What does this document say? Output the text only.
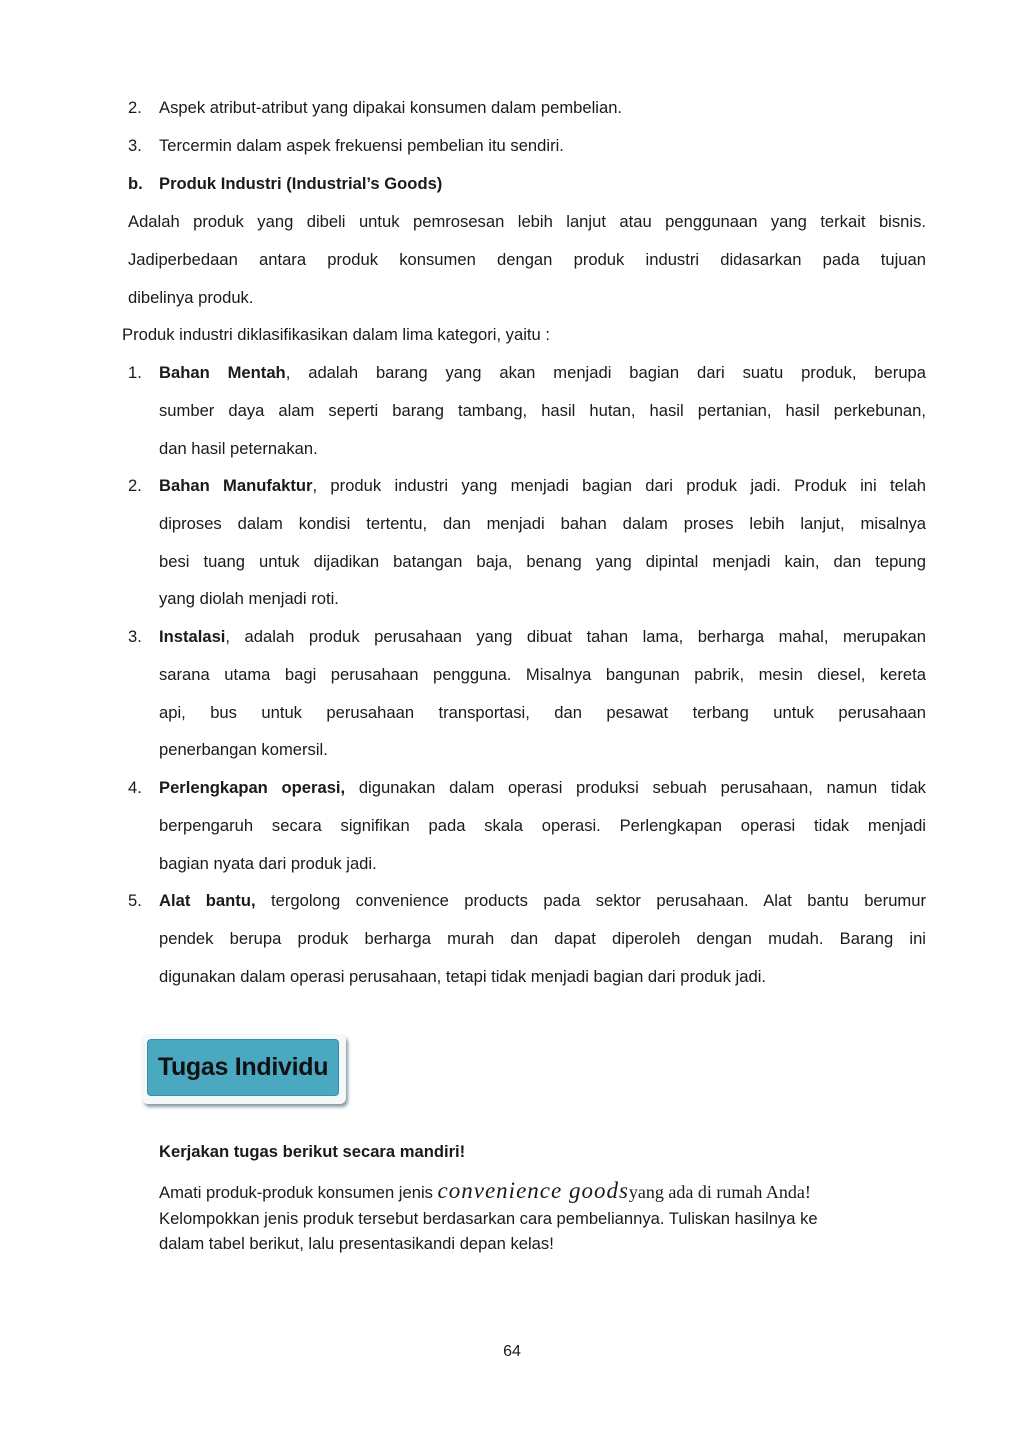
2. Aspek atribut-atribut yang dipakai konsumen dalam pembelian.
3. Tercermin dalam aspek frekuensi pembelian itu sendiri.
b. Produk Industri (Industrial’s Goods)
Adalah produk yang dibeli untuk pemrosesan lebih lanjut atau penggunaan yang terkait bisnis.
Jadiperbedaan antara produk konsumen dengan produk industri didasarkan pada tujuan
dibelinya produk.
Produk industri diklasifikasikan dalam lima kategori, yaitu :
1. Bahan Mentah, adalah barang yang akan menjadi bagian dari suatu produk, berupa
sumber daya alam seperti barang tambang, hasil hutan, hasil pertanian, hasil perkebunan,
dan hasil peternakan.
2. Bahan Manufaktur, produk industri yang menjadi bagian dari produk jadi. Produk ini telah
diproses dalam kondisi tertentu, dan menjadi bahan dalam proses lebih lanjut, misalnya
besi tuang untuk dijadikan batangan baja, benang yang dipintal menjadi kain, dan tepung
yang diolah menjadi roti.
3. Instalasi, adalah produk perusahaan yang dibuat tahan lama, berharga mahal, merupakan
sarana utama bagi perusahaan pengguna. Misalnya bangunan pabrik, mesin diesel, kereta
api, bus untuk perusahaan transportasi, dan pesawat terbang untuk perusahaan
penerbangan komersil.
4. Perlengkapan operasi, digunakan dalam operasi produksi sebuah perusahaan, namun tidak
berpengaruh secara signifikan pada skala operasi. Perlengkapan operasi tidak menjadi
bagian nyata dari produk jadi.
5. Alat bantu, tergolong convenience products pada sektor perusahaan. Alat bantu berumur
pendek berupa produk berharga murah dan dapat diperoleh dengan mudah. Barang ini
digunakan dalam operasi perusahaan, tetapi tidak menjadi bagian dari produk jadi.
Tugas Individu
Kerjakan tugas berikut secara mandiri!
Amati produk-produk konsumen jenis convenience goodsyang ada di rumah Anda!
Kelompokkan jenis produk tersebut berdasarkan cara pembeliannya. Tuliskan hasilnya ke
dalam tabel berikut, lalu presentasikandi depan kelas!
64
